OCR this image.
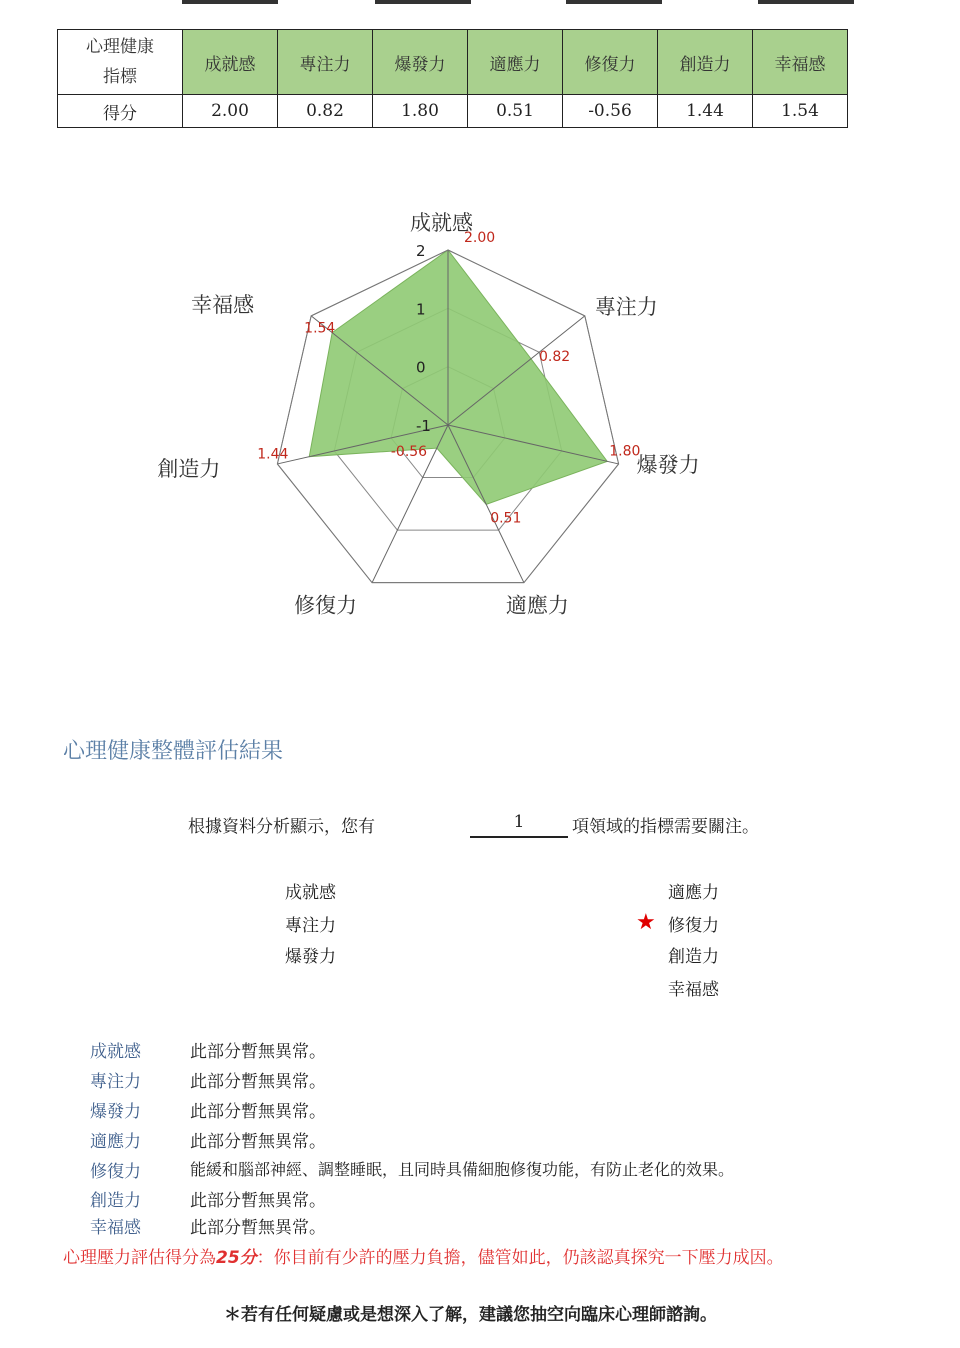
心理健康
指標	成就感	專注力	爆發力	適應力	修復力	創造力	幸福感
得分	2.00	0.82	1.80	0.51	-0.56	1.44	1.54
2
1
0
-1
成就感
專注力
爆發力
適應力
修復力
創造力
幸福感
2.00
0.82
1.80
0.51
-0.56
1.44
1.54
心理健康整體評估結果
根據資料分析顯示，您有	1	項領域的指標需要關注。
成就感
專注力
爆發力
適應力
★ 修復力
創造力
幸福感
成就感	此部分暫無異常。
專注力	此部分暫無異常。
爆發力	此部分暫無異常。
適應力	此部分暫無異常。
修復力	能緩和腦部神經、調整睡眠，且同時具備細胞修復功能，有防止老化的效果。
創造力	此部分暫無異常。
幸福感	此部分暫無異常。
心理壓力評估得分為25分：你目前有少許的壓力負擔，儘管如此，仍該認真探究一下壓力成因。
＊若有任何疑慮或是想深入了解，建議您抽空向臨床心理師諮詢。
